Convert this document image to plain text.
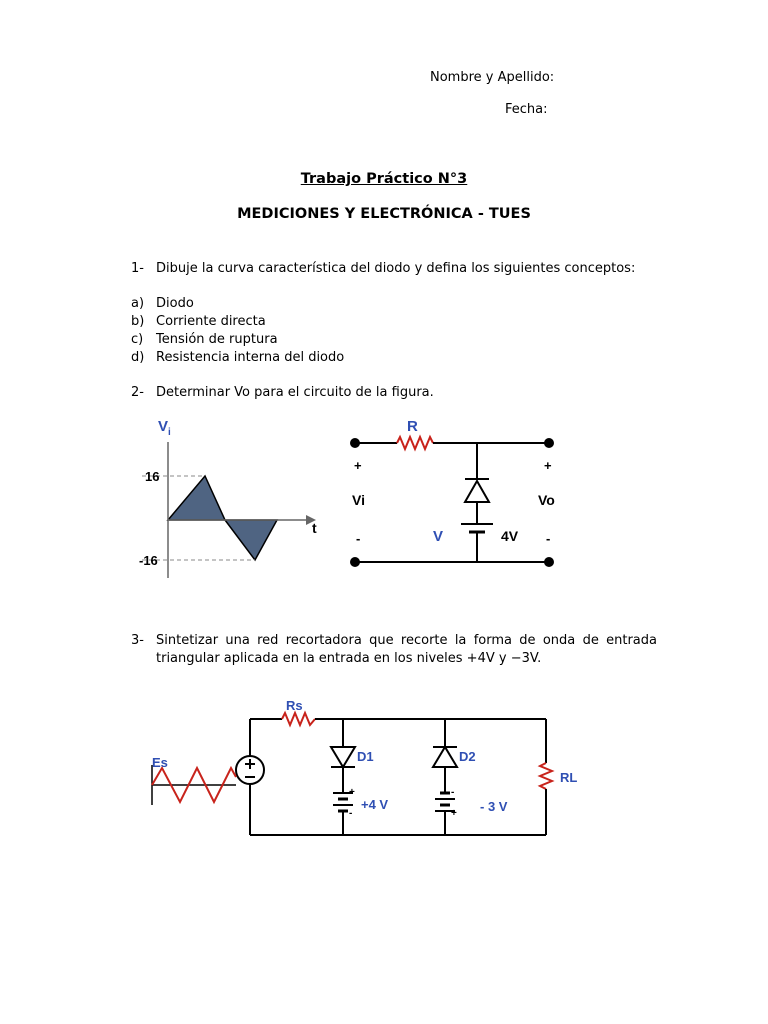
Nombre y Apellido:
Fecha:
Trabajo Práctico N°3
MEDICIONES Y ELECTRÓNICA - TUES
1- Dibuje la curva característica del diodo y defina los siguientes conceptos:
a) Diodo
b) Corriente directa
c) Tensión de ruptura
d) Resistencia interna del diodo
2- Determinar Vo para el circuito de la figura.
$V_i$
16
-16
t
R
+	+
Vi	Vo
-	-
V	4V
3- Sintetizar una red recortadora que recorte la forma de onda de entrada triangular aplicada en la entrada en los niveles +4V y −3V.
Rs
Es	D1	D2
+4 V	- 3 V
RL
+
-
-
+
